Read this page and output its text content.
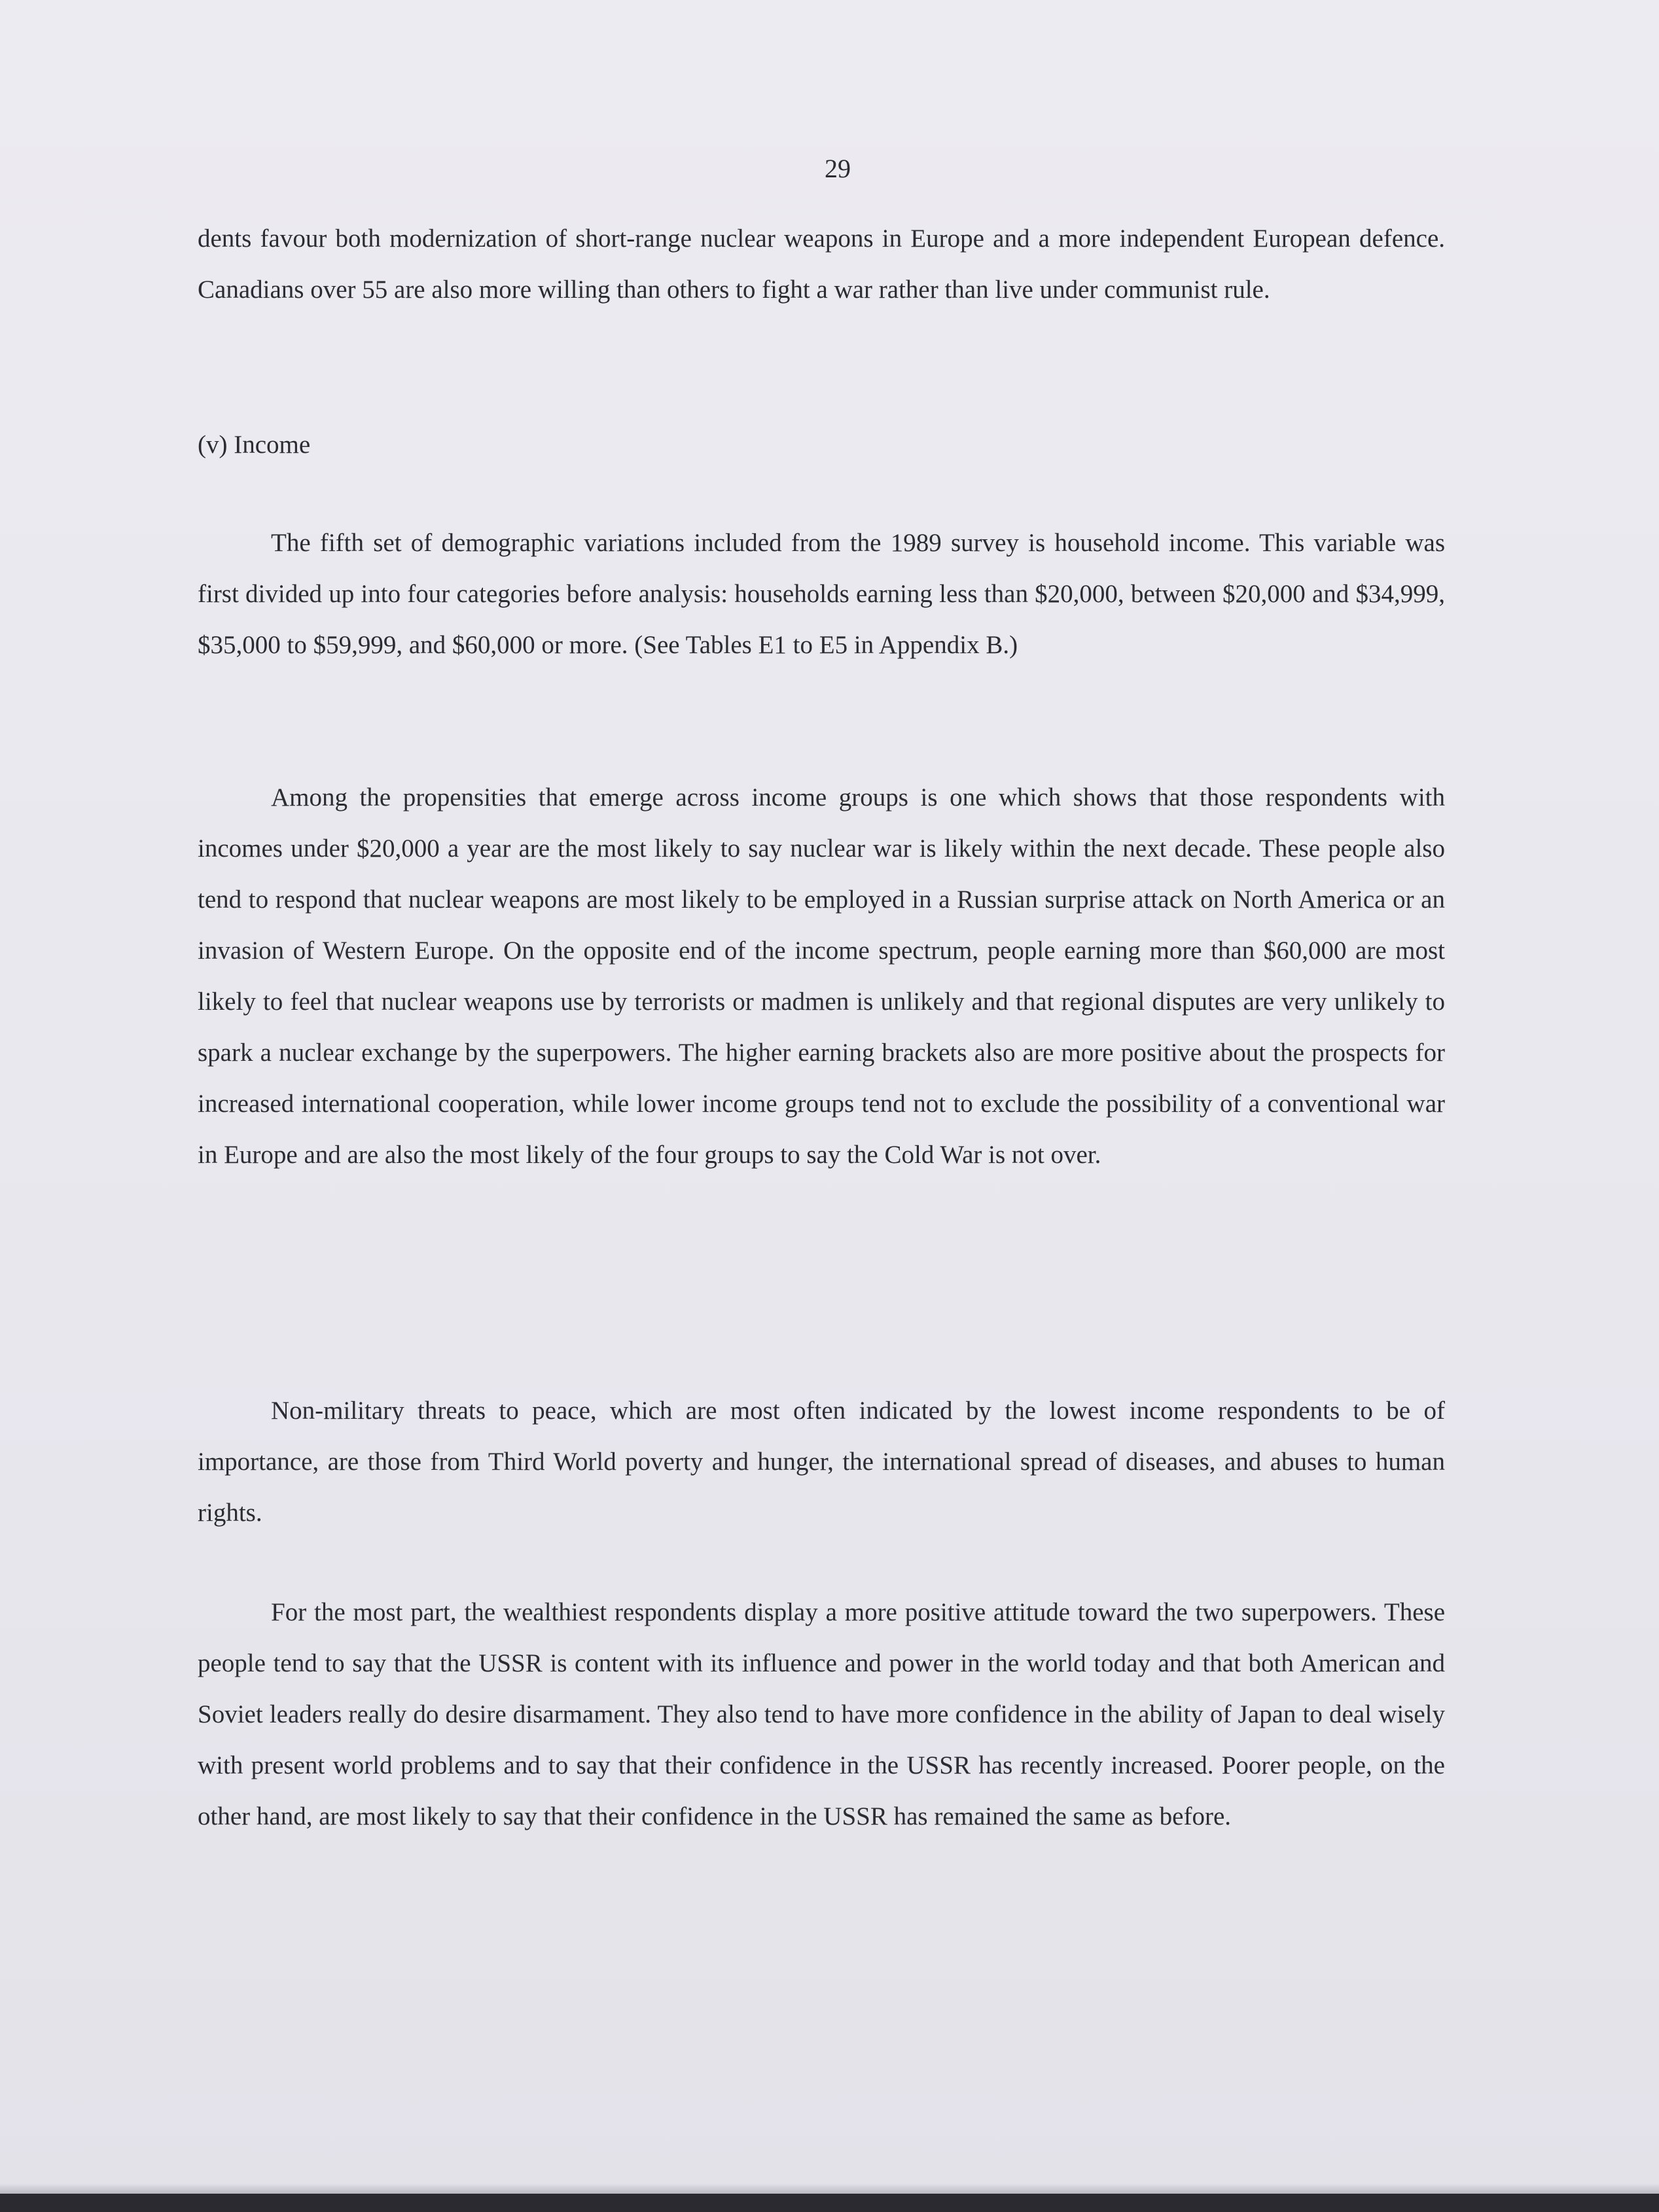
29

dents favour both modernization of short-range nuclear weapons in Europe and a more independent European defence. Canadians over 55 are also more willing than others to fight a war rather than live under communist rule.

(v) Income

The fifth set of demographic variations included from the 1989 survey is household income. This variable was first divided up into four categories before analysis: households earning less than $20,000, between $20,000 and $34,999, $35,000 to $59,999, and $60,000 or more. (See Tables E1 to E5 in Appendix B.)

Among the propensities that emerge across income groups is one which shows that those respondents with incomes under $20,000 a year are the most likely to say nuclear war is likely within the next decade. These people also tend to respond that nuclear weapons are most likely to be employed in a Russian surprise attack on North America or an invasion of Western Europe. On the opposite end of the income spectrum, people earning more than $60,000 are most likely to feel that nuclear weapons use by terrorists or madmen is unlikely and that regional disputes are very unlikely to spark a nuclear exchange by the superpowers. The higher earning brackets also are more positive about the prospects for increased international cooperation, while lower income groups tend not to exclude the possibility of a conventional war in Europe and are also the most likely of the four groups to say the Cold War is not over.

Non-military threats to peace, which are most often indicated by the lowest income respondents to be of importance, are those from Third World poverty and hunger, the international spread of diseases, and abuses to human rights.

For the most part, the wealthiest respondents display a more positive attitude toward the two superpowers. These people tend to say that the USSR is content with its influence and power in the world today and that both American and Soviet leaders really do desire disarmament. They also tend to have more confidence in the ability of Japan to deal wisely with present world problems and to say that their confidence in the USSR has recently increased. Poorer people, on the other hand, are most likely to say that their confidence in the USSR has remained the same as before.
